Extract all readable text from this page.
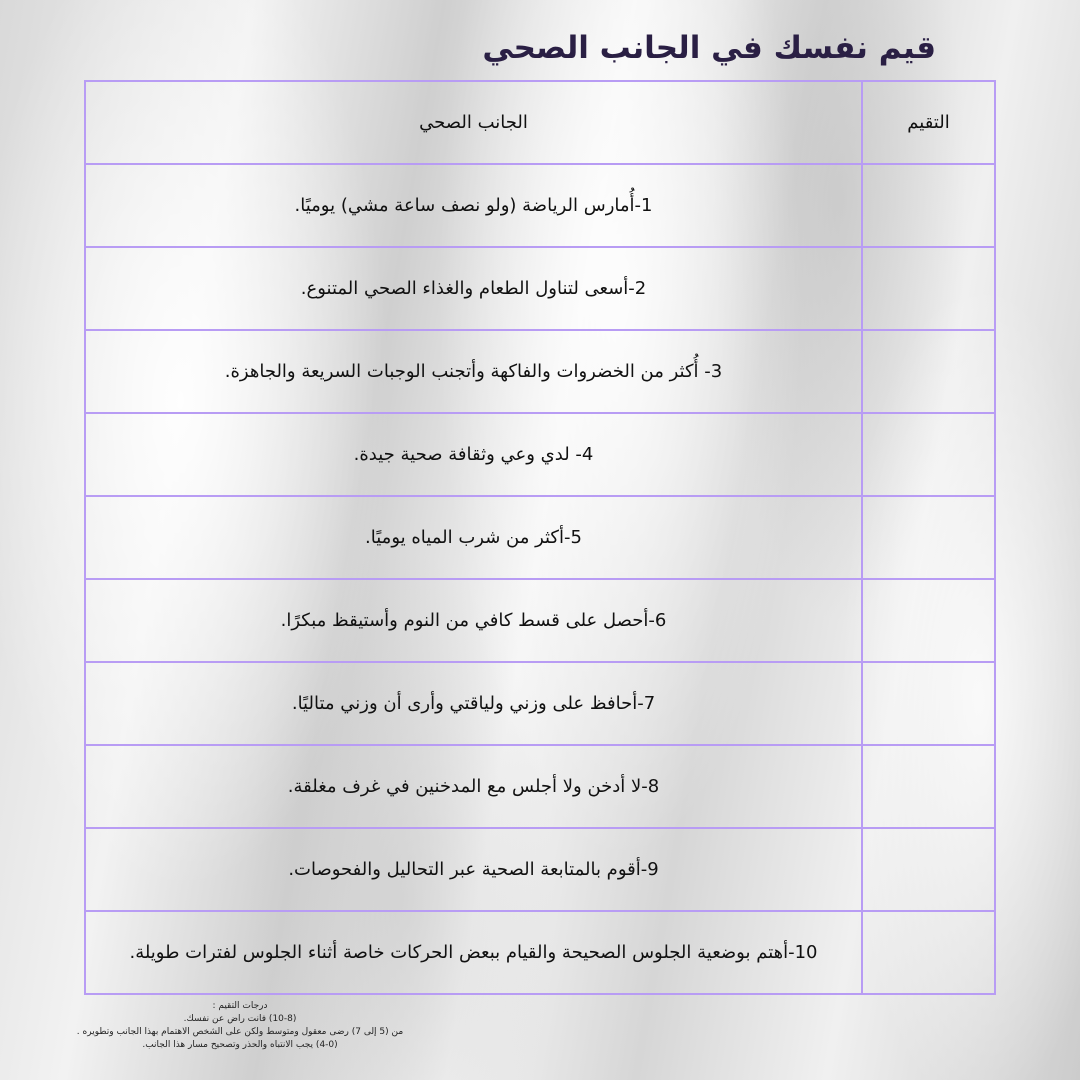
قيم نفسك في الجانب الصحي
الجانب الصحي	التقيم
1-أُمارس الرياضة (ولو نصف ساعة مشي) يوميًا.	
2-أسعى لتناول الطعام والغذاء الصحي المتنوع.	
3- أُكثر من الخضروات والفاكهة وأتجنب الوجبات السريعة والجاهزة.	
4- لدي وعي وثقافة صحية جيدة.	
5-أكثر من شرب المياه يوميًا.	
6-أحصل على قسط كافي من النوم وأستيقظ مبكرًا.	
7-أحافظ على وزني ولياقتي وأرى أن وزني متاليًا.	
8-لا أدخن ولا أجلس مع المدخنين في غرف مغلقة.	
9-أقوم بالمتابعة الصحية عبر التحاليل والفحوصات.	
10-أهتم بوضعية الجلوس الصحيحة والقيام ببعض الحركات خاصة أثناء الجلوس لفترات طويلة.	
درجات التقيم :
(10-8) فانت راض عن نفسك.
من (5 إلى 7) رضى معقول ومتوسط ولكن على الشخص الاهتمام بهذا الجانب وتطويره .
(4-0) يجب الانتباه والحذر وتصحيح مسار هذا الجانب.
